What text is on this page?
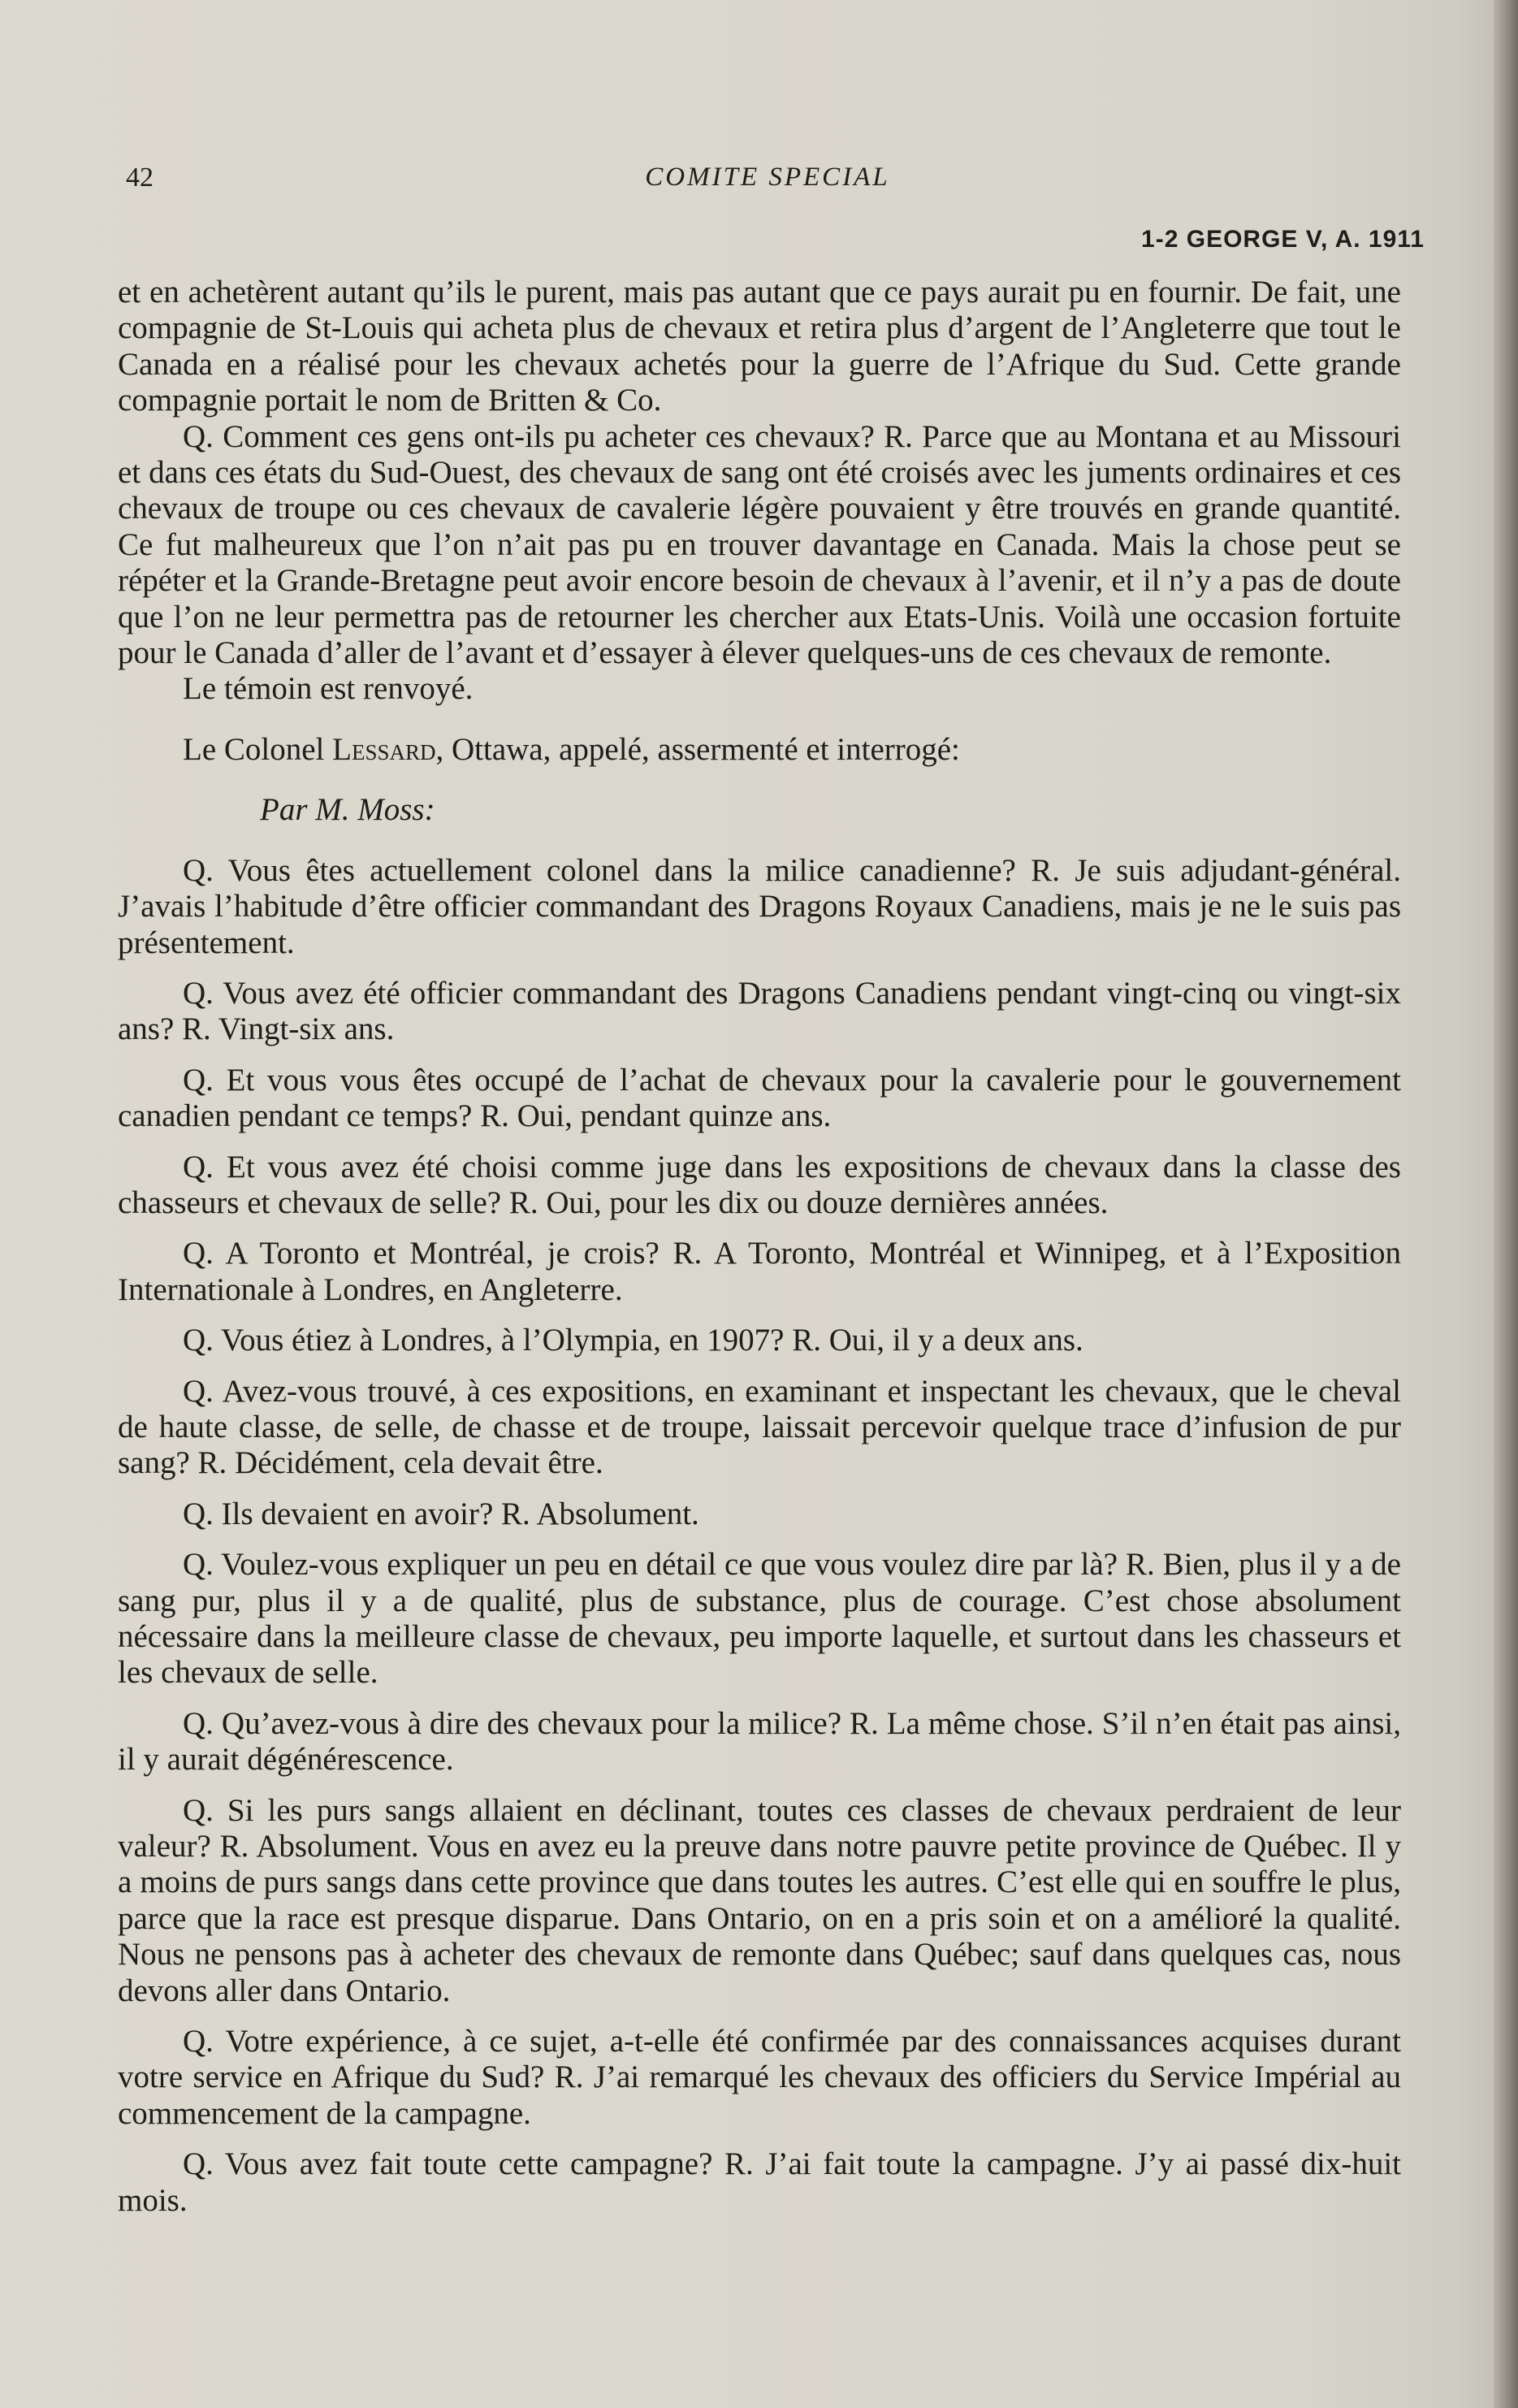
42	COMITE SPECIAL
1-2 GEORGE V, A. 1911

et en achetèrent autant qu’ils le purent, mais pas autant que ce pays aurait pu en fournir. De fait, une compagnie de St-Louis qui acheta plus de chevaux et retira plus d’argent de l’Angleterre que tout le Canada en a réalisé pour les chevaux achetés pour la guerre de l’Afrique du Sud. Cette grande compagnie portait le nom de Britten & Co.

Q. Comment ces gens ont-ils pu acheter ces chevaux? R. Parce que au Montana et au Missouri et dans ces états du Sud-Ouest, des chevaux de sang ont été croisés avec les juments ordinaires et ces chevaux de troupe ou ces chevaux de cavalerie légère pouvaient y être trouvés en grande quantité. Ce fut malheureux que l’on n’ait pas pu en trouver davantage en Canada. Mais la chose peut se répéter et la Grande-Bretagne peut avoir encore besoin de chevaux à l’avenir, et il n’y a pas de doute que l’on ne leur permettra pas de retourner les chercher aux Etats-Unis. Voilà une occasion fortuite pour le Canada d’aller de l’avant et d’essayer à élever quelques-uns de ces chevaux de remonte.

Le témoin est renvoyé.

Le Colonel Lessard, Ottawa, appelé, assermenté et interrogé:

Par M. Moss:

Q. Vous êtes actuellement colonel dans la milice canadienne? R. Je suis adjudant-général. J’avais l’habitude d’être officier commandant des Dragons Royaux Canadiens, mais je ne le suis pas présentement.

Q. Vous avez été officier commandant des Dragons Canadiens pendant vingt-cinq ou vingt-six ans? R. Vingt-six ans.

Q. Et vous vous êtes occupé de l’achat de chevaux pour la cavalerie pour le gouvernement canadien pendant ce temps? R. Oui, pendant quinze ans.

Q. Et vous avez été choisi comme juge dans les expositions de chevaux dans la classe des chasseurs et chevaux de selle? R. Oui, pour les dix ou douze dernières années.

Q. A Toronto et Montréal, je crois? R. A Toronto, Montréal et Winnipeg, et à l’Exposition Internationale à Londres, en Angleterre.

Q. Vous étiez à Londres, à l’Olympia, en 1907? R. Oui, il y a deux ans.

Q. Avez-vous trouvé, à ces expositions, en examinant et inspectant les chevaux, que le cheval de haute classe, de selle, de chasse et de troupe, laissait percevoir quelque trace d’infusion de pur sang? R. Décidément, cela devait être.

Q. Ils devaient en avoir? R. Absolument.

Q. Voulez-vous expliquer un peu en détail ce que vous voulez dire par là? R. Bien, plus il y a de sang pur, plus il y a de qualité, plus de substance, plus de courage. C’est chose absolument nécessaire dans la meilleure classe de chevaux, peu importe laquelle, et surtout dans les chasseurs et les chevaux de selle.

Q. Qu’avez-vous à dire des chevaux pour la milice? R. La même chose. S’il n’en était pas ainsi, il y aurait dégénérescence.

Q. Si les purs sangs allaient en déclinant, toutes ces classes de chevaux perdraient de leur valeur? R. Absolument. Vous en avez eu la preuve dans notre pauvre petite province de Québec. Il y a moins de purs sangs dans cette province que dans toutes les autres. C’est elle qui en souffre le plus, parce que la race est presque disparue. Dans Ontario, on en a pris soin et on a amélioré la qualité. Nous ne pensons pas à acheter des chevaux de remonte dans Québec; sauf dans quelques cas, nous devons aller dans Ontario.

Q. Votre expérience, à ce sujet, a-t-elle été confirmée par des connaissances acquises durant votre service en Afrique du Sud? R. J’ai remarqué les chevaux des officiers du Service Impérial au commencement de la campagne.

Q. Vous avez fait toute cette campagne? R. J’ai fait toute la campagne. J’y ai passé dix-huit mois.
